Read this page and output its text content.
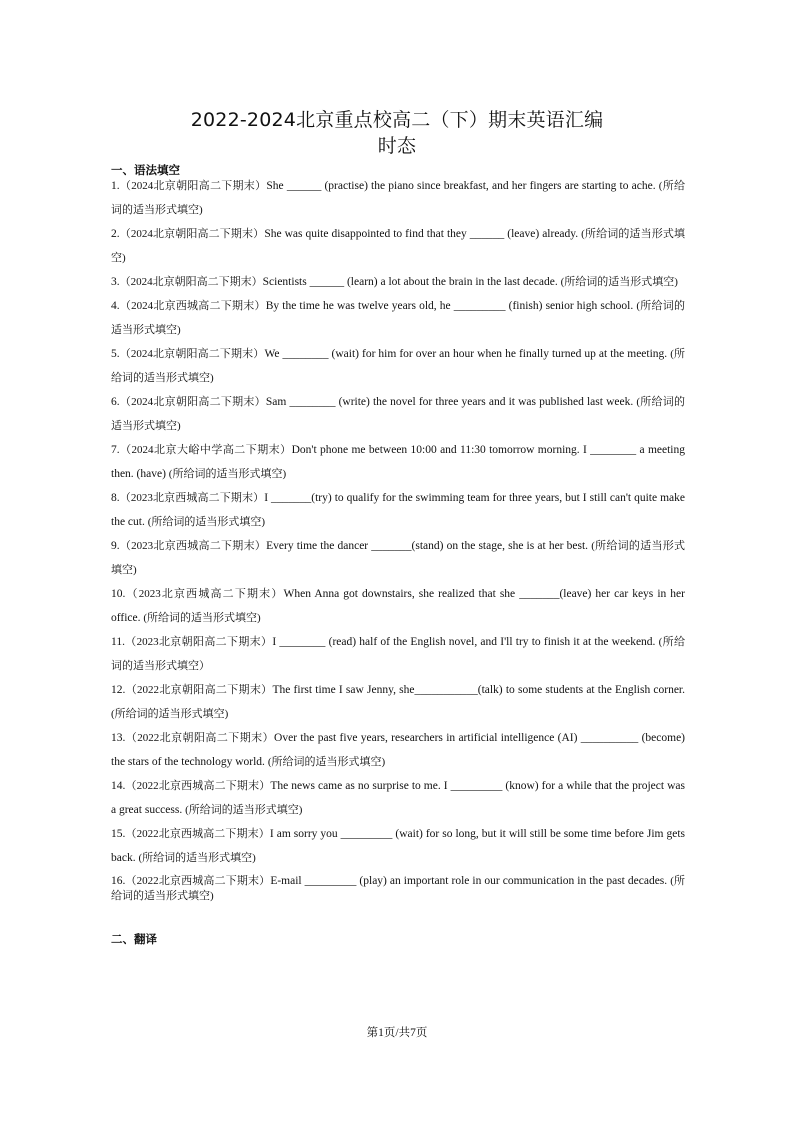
2022-2024北京重点校高二（下）期末英语汇编
时态
一、语法填空
1.（2024北京朝阳高二下期末）She ______ (practise) the piano since breakfast, and her fingers are starting to ache. (所给词的适当形式填空)
2.（2024北京朝阳高二下期末）She was quite disappointed to find that they ______ (leave) already. (所给词的适当形式填空)
3.（2024北京朝阳高二下期末）Scientists ______ (learn) a lot about the brain in the last decade. (所给词的适当形式填空)
4.（2024北京西城高二下期末）By the time he was twelve years old, he _________ (finish) senior high school. (所给词的适当形式填空)
5.（2024北京朝阳高二下期末）We ________ (wait) for him for over an hour when he finally turned up at the meeting. (所给词的适当形式填空)
6.（2024北京朝阳高二下期末）Sam ________ (write) the novel for three years and it was published last week. (所给词的适当形式填空)
7.（2024北京大峪中学高二下期末）Don't phone me between 10:00 and 11:30 tomorrow morning. I ________ a meeting then. (have) (所给词的适当形式填空)
8.（2023北京西城高二下期末）I _______(try) to qualify for the swimming team for three years, but I still can't quite make the cut. (所给词的适当形式填空)
9.（2023北京西城高二下期末）Every time the dancer _______(stand) on the stage, she is at her best. (所给词的适当形式填空)
10.（2023北京西城高二下期末）When Anna got downstairs, she realized that she _______(leave) her car keys in her office. (所给词的适当形式填空)
11.（2023北京朝阳高二下期末）I ________ (read) half of the English novel, and I'll try to finish it at the weekend. (所给词的适当形式填空）
12.（2022北京朝阳高二下期末）The first time I saw Jenny, she___________(talk) to some students at the English corner. (所给词的适当形式填空)
13.（2022北京朝阳高二下期末）Over the past five years, researchers in artificial intelligence (AI) __________ (become) the stars of the technology world. (所给词的适当形式填空)
14.（2022北京西城高二下期末）The news came as no surprise to me. I _________ (know) for a while that the project was a great success. (所给词的适当形式填空)
15.（2022北京西城高二下期末）I am sorry you _________ (wait) for so long, but it will still be some time before Jim gets back. (所给词的适当形式填空)
16.（2022北京西城高二下期末）E-mail _________ (play) an important role in our communication in the past decades. (所给词的适当形式填空)
二、翻译
第1页/共7页
